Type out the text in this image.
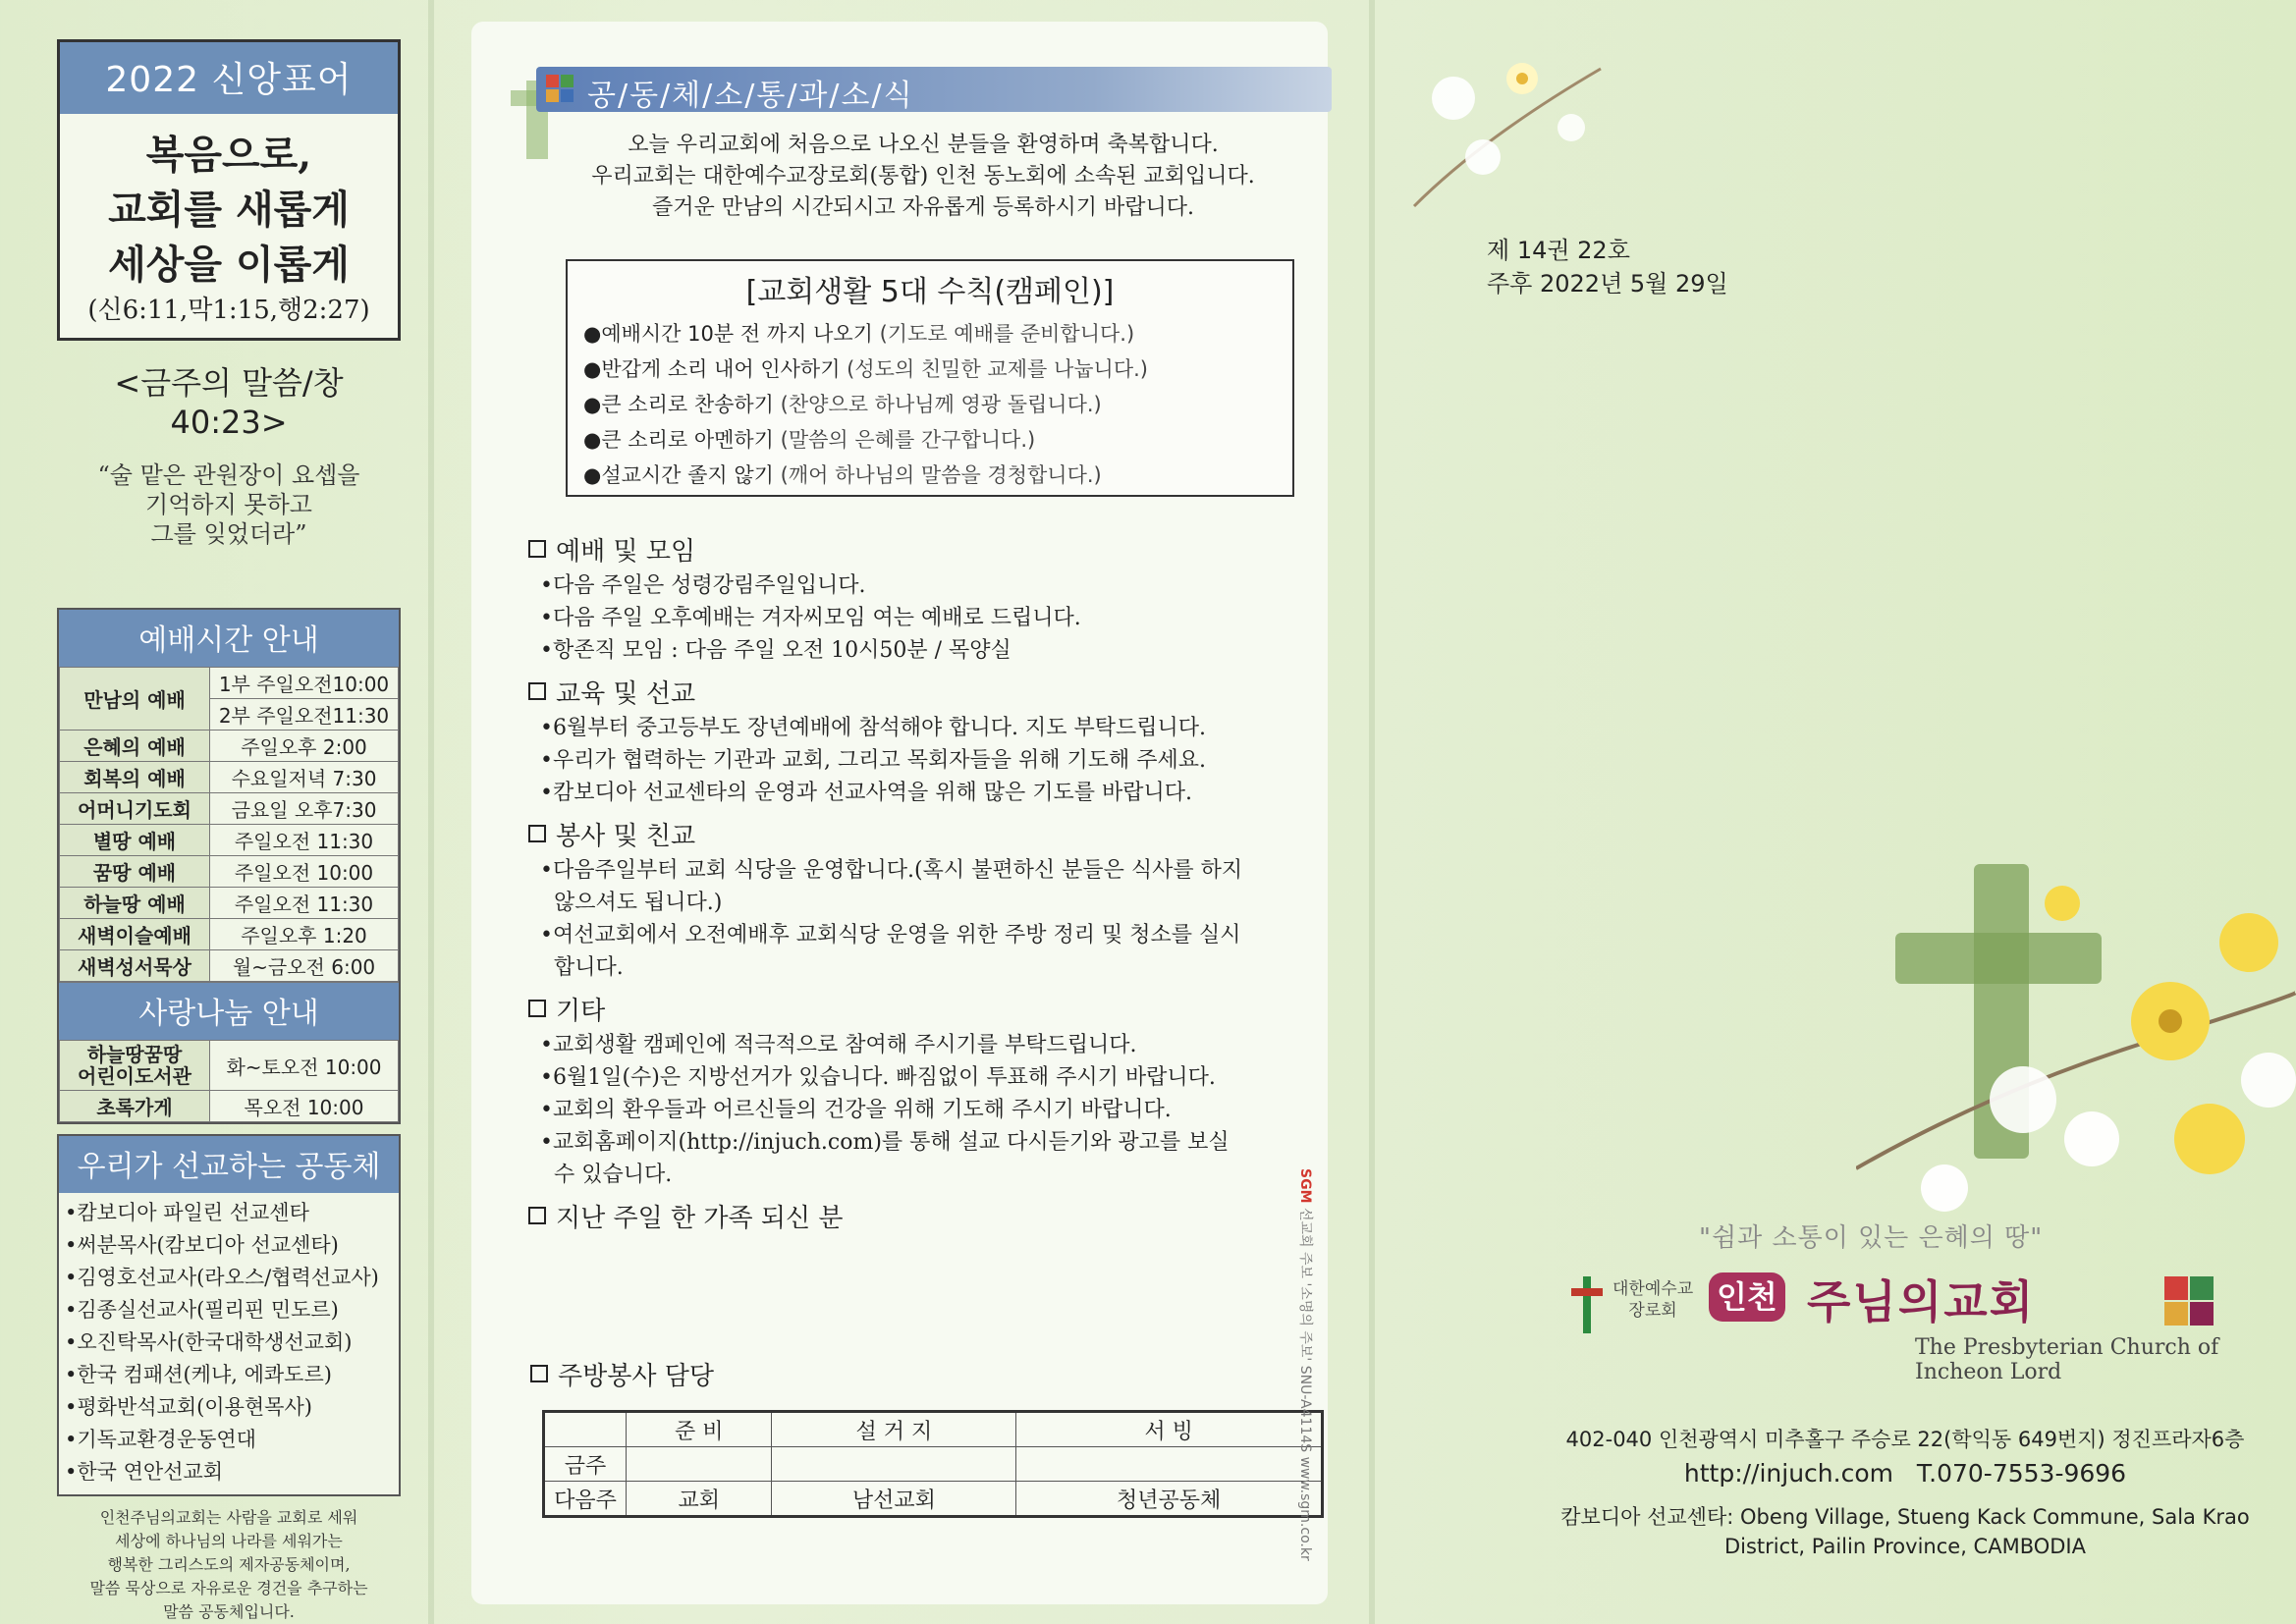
2022 신앙표어
복음으로,
교회를 새롭게
세상을 이롭게
(신6:11,막1:15,행2:27)
<금주의 말씀/창40:23>
“술 맡은 관원장이 요셉을
기억하지 못하고
그를 잊었더라”
예배시간 안내
만남의 예배	1부 주일오전10:00
	2부 주일오전11:30
은혜의 예배	주일오후 2:00
회복의 예배	수요일저녁 7:30
어머니기도회	금요일 오후7:30
별땅 예배	주일오전 11:30
꿈땅 예배	주일오전 10:00
하늘땅 예배	주일오전 11:30
새벽이슬예배	주일오후 1:20
새벽성서묵상	월~금오전 6:00
사랑나눔 안내
하늘땅꿈땅
어린이도서관	화~토오전 10:00
초록가게	목오전 10:00
우리가 선교하는 공동체
•캄보디아 파일린 선교센타
•써분목사(캄보디아 선교센타)
•김영호선교사(라오스/협력선교사)
•김종실선교사(필리핀 민도르)
•오진탁목사(한국대학생선교회)
•한국 컴패션(케냐, 에콰도르)
•평화반석교회(이용현목사)
•기독교환경운동연대
•한국 연안선교회
인천주님의교회는 사람을 교회로 세워
세상에 하나님의 나라를 세워가는
행복한 그리스도의 제자공동체이며,
말씀 묵상으로 자유로운 경건을 추구하는
말씀 공동체입니다.
공/동/체/소/통/과/소/식
오늘 우리교회에 처음으로 나오신 분들을 환영하며 축복합니다.
우리교회는 대한예수교장로회(통합) 인천 동노회에 소속된 교회입니다.
즐거운 만남의 시간되시고 자유롭게 등록하시기 바랍니다.
[교회생활 5대 수칙(캠페인)]
●예배시간 10분 전 까지 나오기 (기도로 예배를 준비합니다.)
●반갑게 소리 내어 인사하기 (성도의 친밀한 교제를 나눕니다.)
●큰 소리로 찬송하기 (찬양으로 하나님께 영광 돌립니다.)
●큰 소리로 아멘하기 (말씀의 은혜를 간구합니다.)
●설교시간 졸지 않기 (깨어 하나님의 말씀을 경청합니다.)
예배 및 모임
•다음 주일은 성령강림주일입니다.
•다음 주일 오후예배는 겨자씨모임 여는 예배로 드립니다.
•항존직 모임 : 다음 주일 오전 10시50분 / 목양실
교육 및 선교
•6월부터 중고등부도 장년예배에 참석해야 합니다. 지도 부탁드립니다.
•우리가 협력하는 기관과 교회, 그리고 목회자들을 위해 기도해 주세요.
•캄보디아 선교센타의 운영과 선교사역을 위해 많은 기도를 바랍니다.
봉사 및 친교
•다음주일부터 교회 식당을 운영합니다.(혹시 불편하신 분들은 식사를 하지
않으셔도 됩니다.)
•여선교회에서 오전예배후 교회식당 운영을 위한 주방 정리 및 청소를 실시
합니다.
기타
•교회생활 캠페인에 적극적으로 참여해 주시기를 부탁드립니다.
•6월1일(수)은 지방선거가 있습니다. 빠짐없이 투표해 주시기 바랍니다.
•교회의 환우들과 어르신들의 건강을 위해 기도해 주시기 바랍니다.
•교회홈페이지(http://injuch.com)를 통해 설교 다시듣기와 광고를 보실
수 있습니다.
지난 주일 한 가족 되신 분
주방봉사 담당
	준 비	설 거 지	서 빙
금주			
다음주	교회	남선교회	청년공동체
SGM 선교회 주보 '소명의 주보' SNU-A4114S www.sgm.co.kr
제 14권 22호
주후 2022년 5월 29일
"쉼과 소통이 있는 은혜의 땅"
대한예수교
장로회	인천 주님의교회
The Presbyterian Church of Incheon Lord
402-040 인천광역시 미추홀구 주승로 22(학익동 649번지) 정진프라자6층
http://injuch.com   T.070-7553-9696
캄보디아 선교센타: Obeng Village, Stueng Kack Commune, Sala Krao
District, Pailin Province, CAMBODIA
